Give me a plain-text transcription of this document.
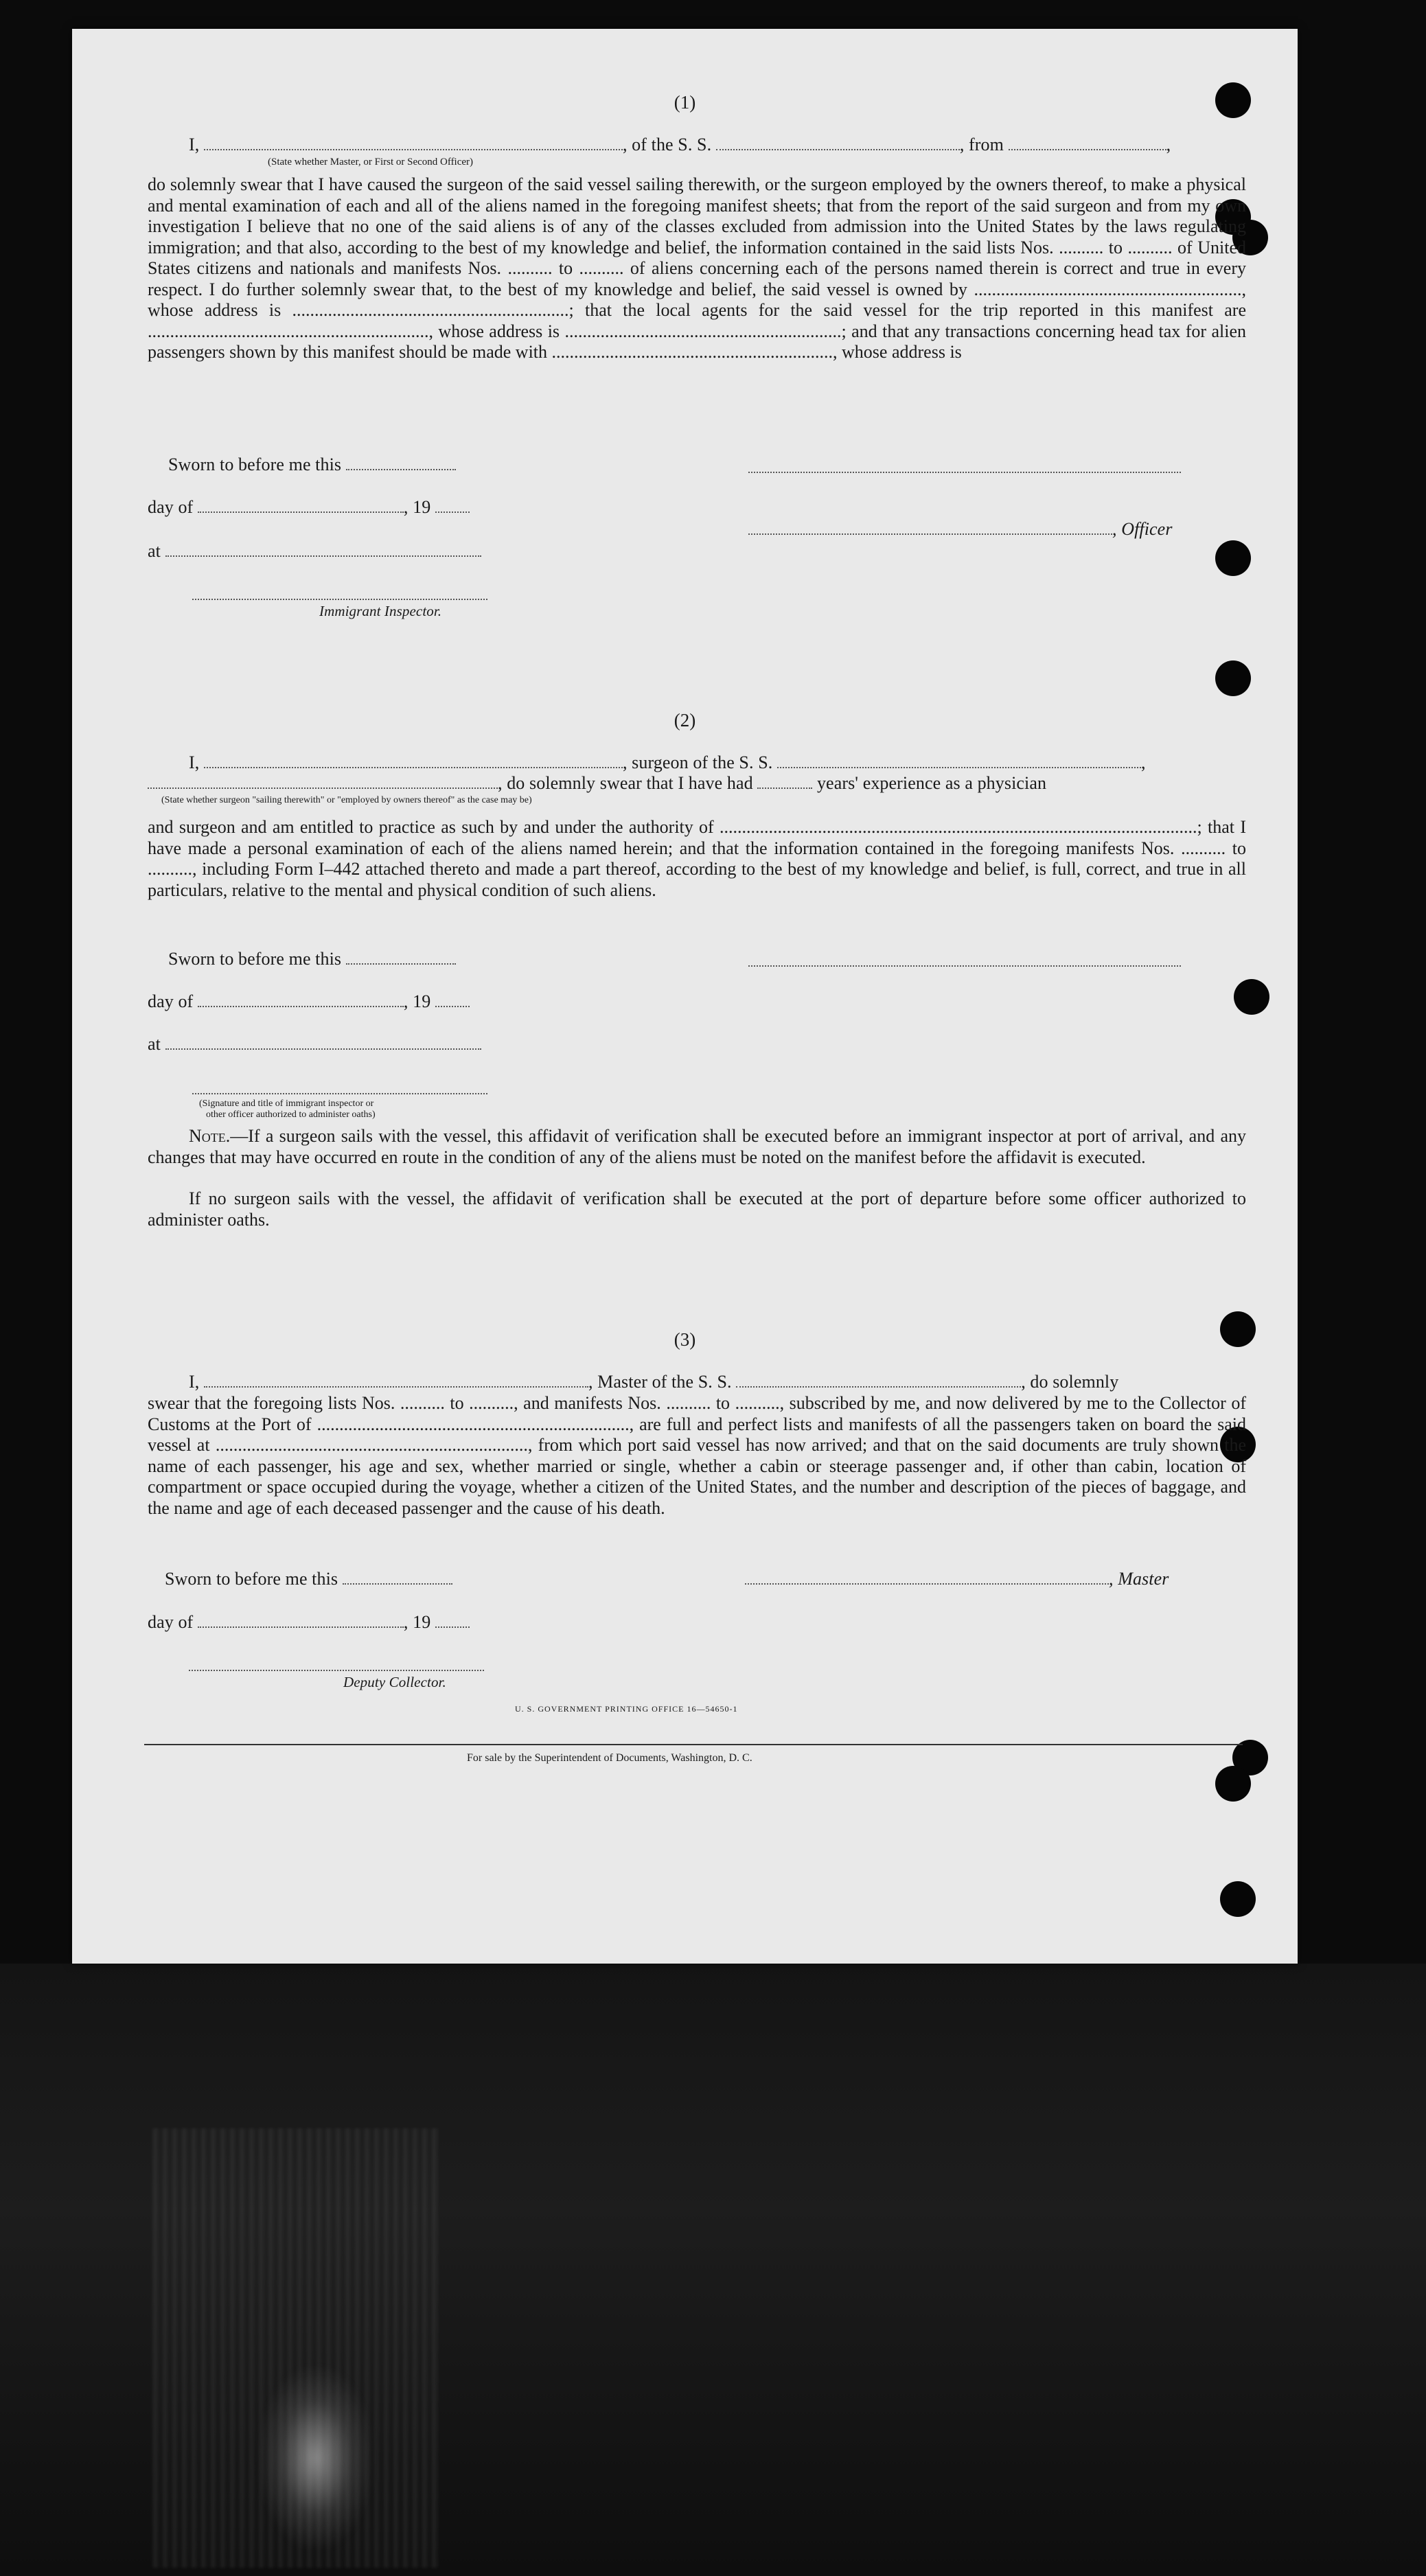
(1)
I,	, of the S. S.	, from	,
(State whether Master, or First or Second Officer)
do solemnly swear that I have caused the surgeon of the said vessel sailing therewith, or the surgeon employed by the owners thereof, to make a physical and mental examination of each and all of the aliens named in the foregoing manifest sheets; that from the report of the said surgeon and from my own investigation I believe that no one of the said aliens is of any of the classes excluded from admission into the United States by the laws regulating immigration; and that also, according to the best of my knowledge and belief, the information contained in the said lists Nos. .......... to .......... of United States citizens and nationals and manifests Nos. .......... to .......... of aliens concerning each of the persons named therein is correct and true in every respect. I do further solemnly swear that, to the best of my knowledge and belief, the said vessel is owned by ............................................................, whose address is ..............................................................; that the local agents for the said vessel for the trip reported in this manifest are ..............................................................., whose address is ..............................................................; and that any transactions concerning head tax for alien passengers shown by this manifest should be made with ..............................................................., whose address is
Sworn to before me this
day of	, 19
, Officer
at
Immigrant Inspector.
(2)
I,	, surgeon of the S. S.	,
, do solemnly swear that I have had	years' experience as a physician
(State whether surgeon "sailing therewith" or "employed by owners thereof" as the case may be)
and surgeon and am entitled to practice as such by and under the authority of ...........................................................................................................; that I have made a personal examination of each of the aliens named herein; and that the information contained in the foregoing manifests Nos. .......... to .........., including Form I–442 attached thereto and made a part thereof, according to the best of my knowledge and belief, is full, correct, and true in all particulars, relative to the mental and physical condition of such aliens.
Sworn to before me this
day of	, 19
at
(Signature and title of immigrant inspector or
other officer authorized to administer oaths)
Note.—If a surgeon sails with the vessel, this affidavit of verification shall be executed before an immigrant inspector at port of arrival, and any changes that may have occurred en route in the condition of any of the aliens must be noted on the manifest before the affidavit is executed.
If no surgeon sails with the vessel, the affidavit of verification shall be executed at the port of departure before some officer authorized to administer oaths.
(3)
I,	, Master of the S. S.	, do solemnly
swear that the foregoing lists Nos. .......... to .........., and manifests Nos. .......... to .........., subscribed by me, and now delivered by me to the Collector of Customs at the Port of ......................................................................, are full and perfect lists and manifests of all the passengers taken on board the said vessel at ......................................................................, from which port said vessel has now arrived; and that on the said documents are truly shown the name of each passenger, his age and sex, whether married or single, whether a cabin or steerage passenger and, if other than cabin, location of compartment or space occupied during the voyage, whether a citizen of the United States, and the number and description of the pieces of baggage, and the name and age of each deceased passenger and the cause of his death.
Sworn to before me this	, Master
day of	, 19
Deputy Collector.
U. S. GOVERNMENT PRINTING OFFICE 16—54650-1
For sale by the Superintendent of Documents, Washington, D. C.
